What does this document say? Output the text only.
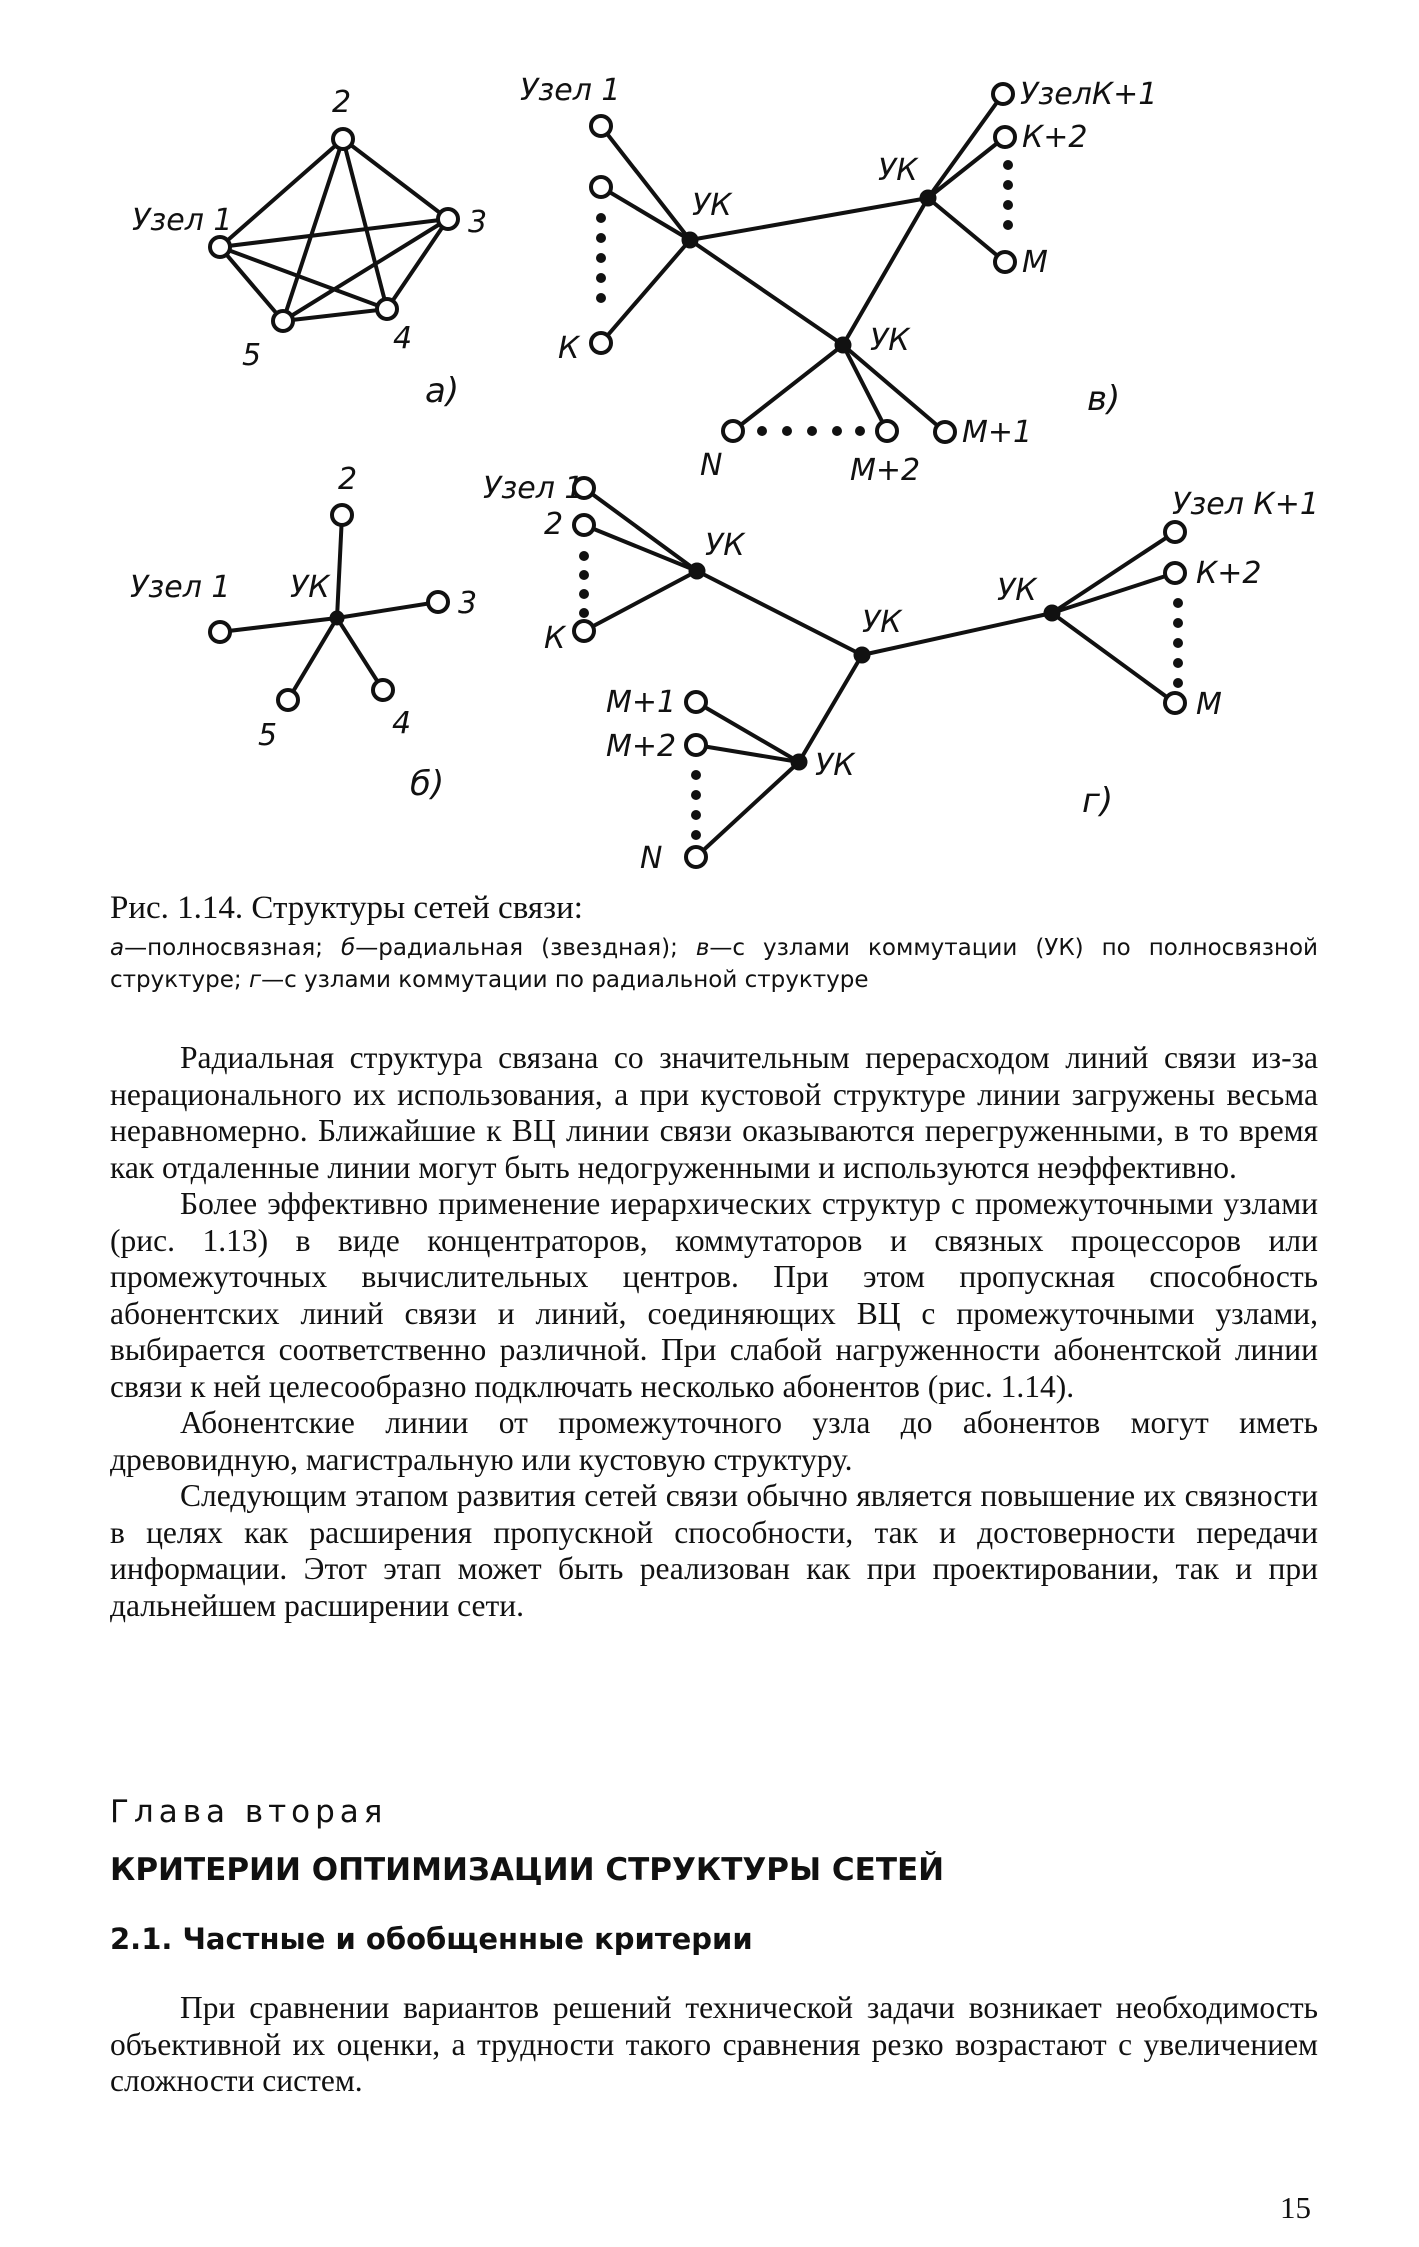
Узел 1
2
3
4
5
а)
УК
Узел 1
2
3
4
5
б)
УК
УК
УК
Узел 1
К
УзелК+1
К+2
М
М+1
М+2
N
в)
УК
УК
УК
УК
Узел 1
2
К
Узел К+1
К+2
М
М+1
М+2
N
г)

Рис. 1.14. Структуры сетей связи:

а—полносвязная; б—радиальная (звездная); в—с узлами коммутации (УК) по полносвязной структуре; г—с узлами коммутации по радиальной структуре

Радиальная структура связана со значительным перерасходом линий связи из-за нерационального их использования, а при кустовой структуре линии загружены весьма неравномерно. Ближайшие к ВЦ линии связи оказываются перегруженными, в то время как отдаленные линии могут быть недогруженными и используются неэффективно.

Более эффективно применение иерархических структур с промежуточными узлами (рис. 1.13) в виде концентраторов, коммутаторов и связных процессоров или промежуточных вычислительных центров. При этом пропускная способность абонентских линий связи и линий, соединяющих ВЦ с промежуточными узлами, выбирается соответственно различной. При слабой нагруженности абонентской линии связи к ней целесообразно подключать несколько абонентов (рис. 1.14).

Абонентские линии от промежуточного узла до абонентов могут иметь древовидную, магистральную или кустовую структуру.

Следующим этапом развития сетей связи обычно является повышение их связности в целях как расширения пропускной способности, так и достоверности передачи информации. Этот этап может быть реализован как при проектировании, так и при дальнейшем расширении сети.

Глава вторая
КРИТЕРИИ ОПТИМИЗАЦИИ СТРУКТУРЫ СЕТЕЙ
2.1. Частные и обобщенные критерии

При сравнении вариантов решений технической задачи возникает необходимость объективной их оценки, а трудности такого сравнения резко возрастают с увеличением сложности систем.

15
